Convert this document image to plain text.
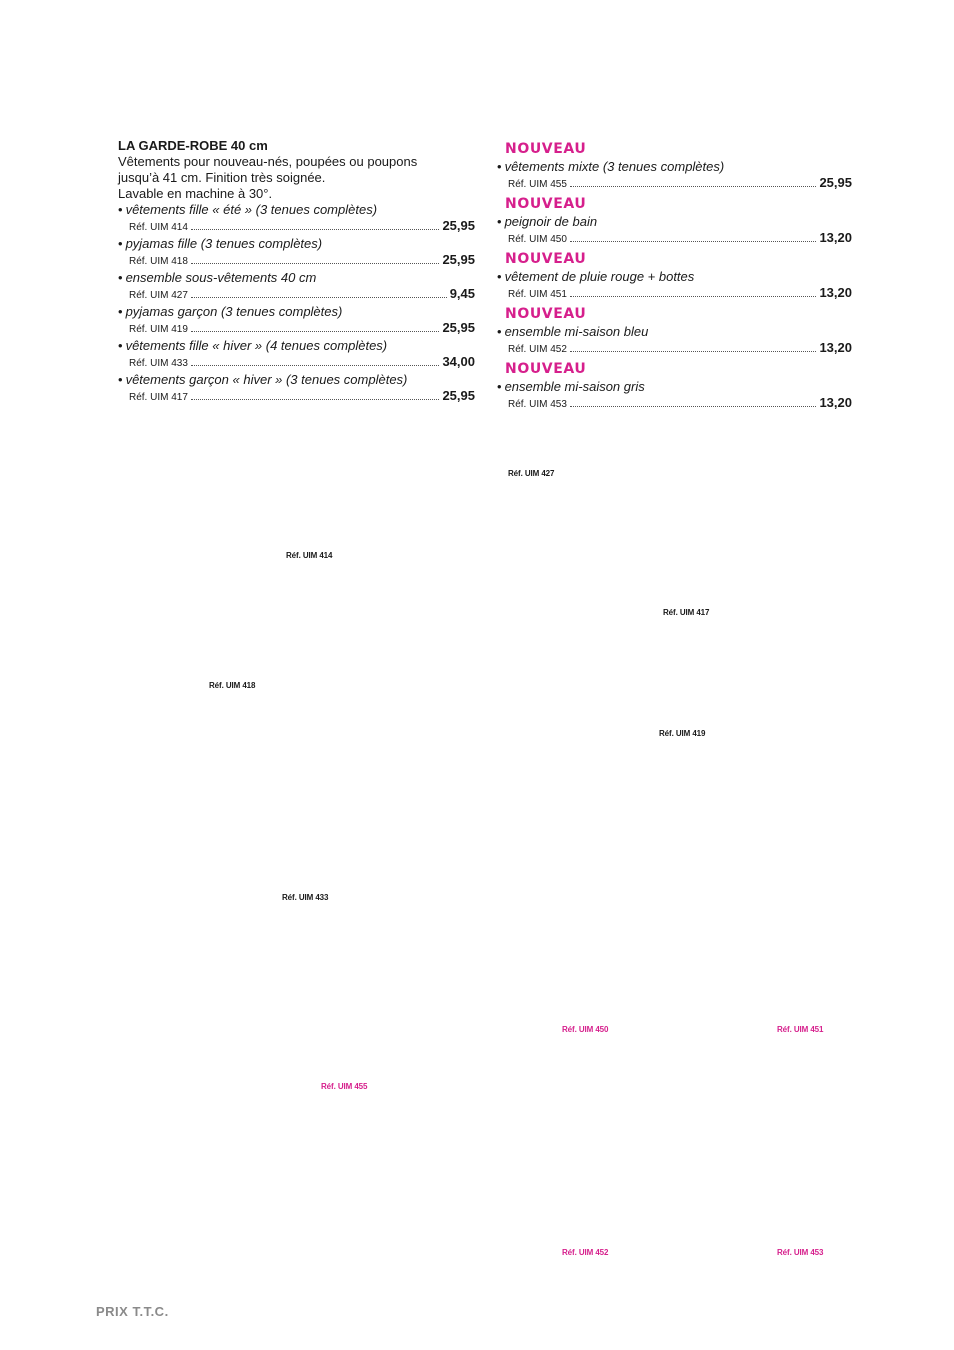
LA GARDE-ROBE 40 cm

Vêtements pour nouveau-nés, poupées ou poupons

jusqu’à 41 cm. Finition très soignée.

Lavable en machine à 30°.

• vêtements fille « été » (3 tenues complètes)
Réf. UIM 414	25,95
• pyjamas fille (3 tenues complètes)
Réf. UIM 418	25,95
• ensemble sous-vêtements 40 cm
Réf. UIM 427	9,45
• pyjamas garçon (3 tenues complètes)
Réf. UIM 419	25,95
• vêtements fille « hiver » (4 tenues complètes)
Réf. UIM 433	34,00
• vêtements garçon « hiver » (3 tenues complètes)
Réf. UIM 417	25,95
NOUVEAU
• vêtements mixte (3 tenues complètes)
Réf. UIM 455	25,95
NOUVEAU
• peignoir de bain
Réf. UIM 450	13,20
NOUVEAU
• vêtement de pluie rouge + bottes
Réf. UIM 451	13,20
NOUVEAU
• ensemble mi-saison bleu
Réf. UIM 452	13,20
NOUVEAU
• ensemble mi-saison gris
Réf. UIM 453	13,20
Réf. UIM 427
Réf. UIM 414
Réf. UIM 417
Réf. UIM 418
Réf. UIM 419
Réf. UIM 433
Réf. UIM 450	Réf. UIM 451
Réf. UIM 455
Réf. UIM 452	Réf. UIM 453
PRIX T.T.C.
